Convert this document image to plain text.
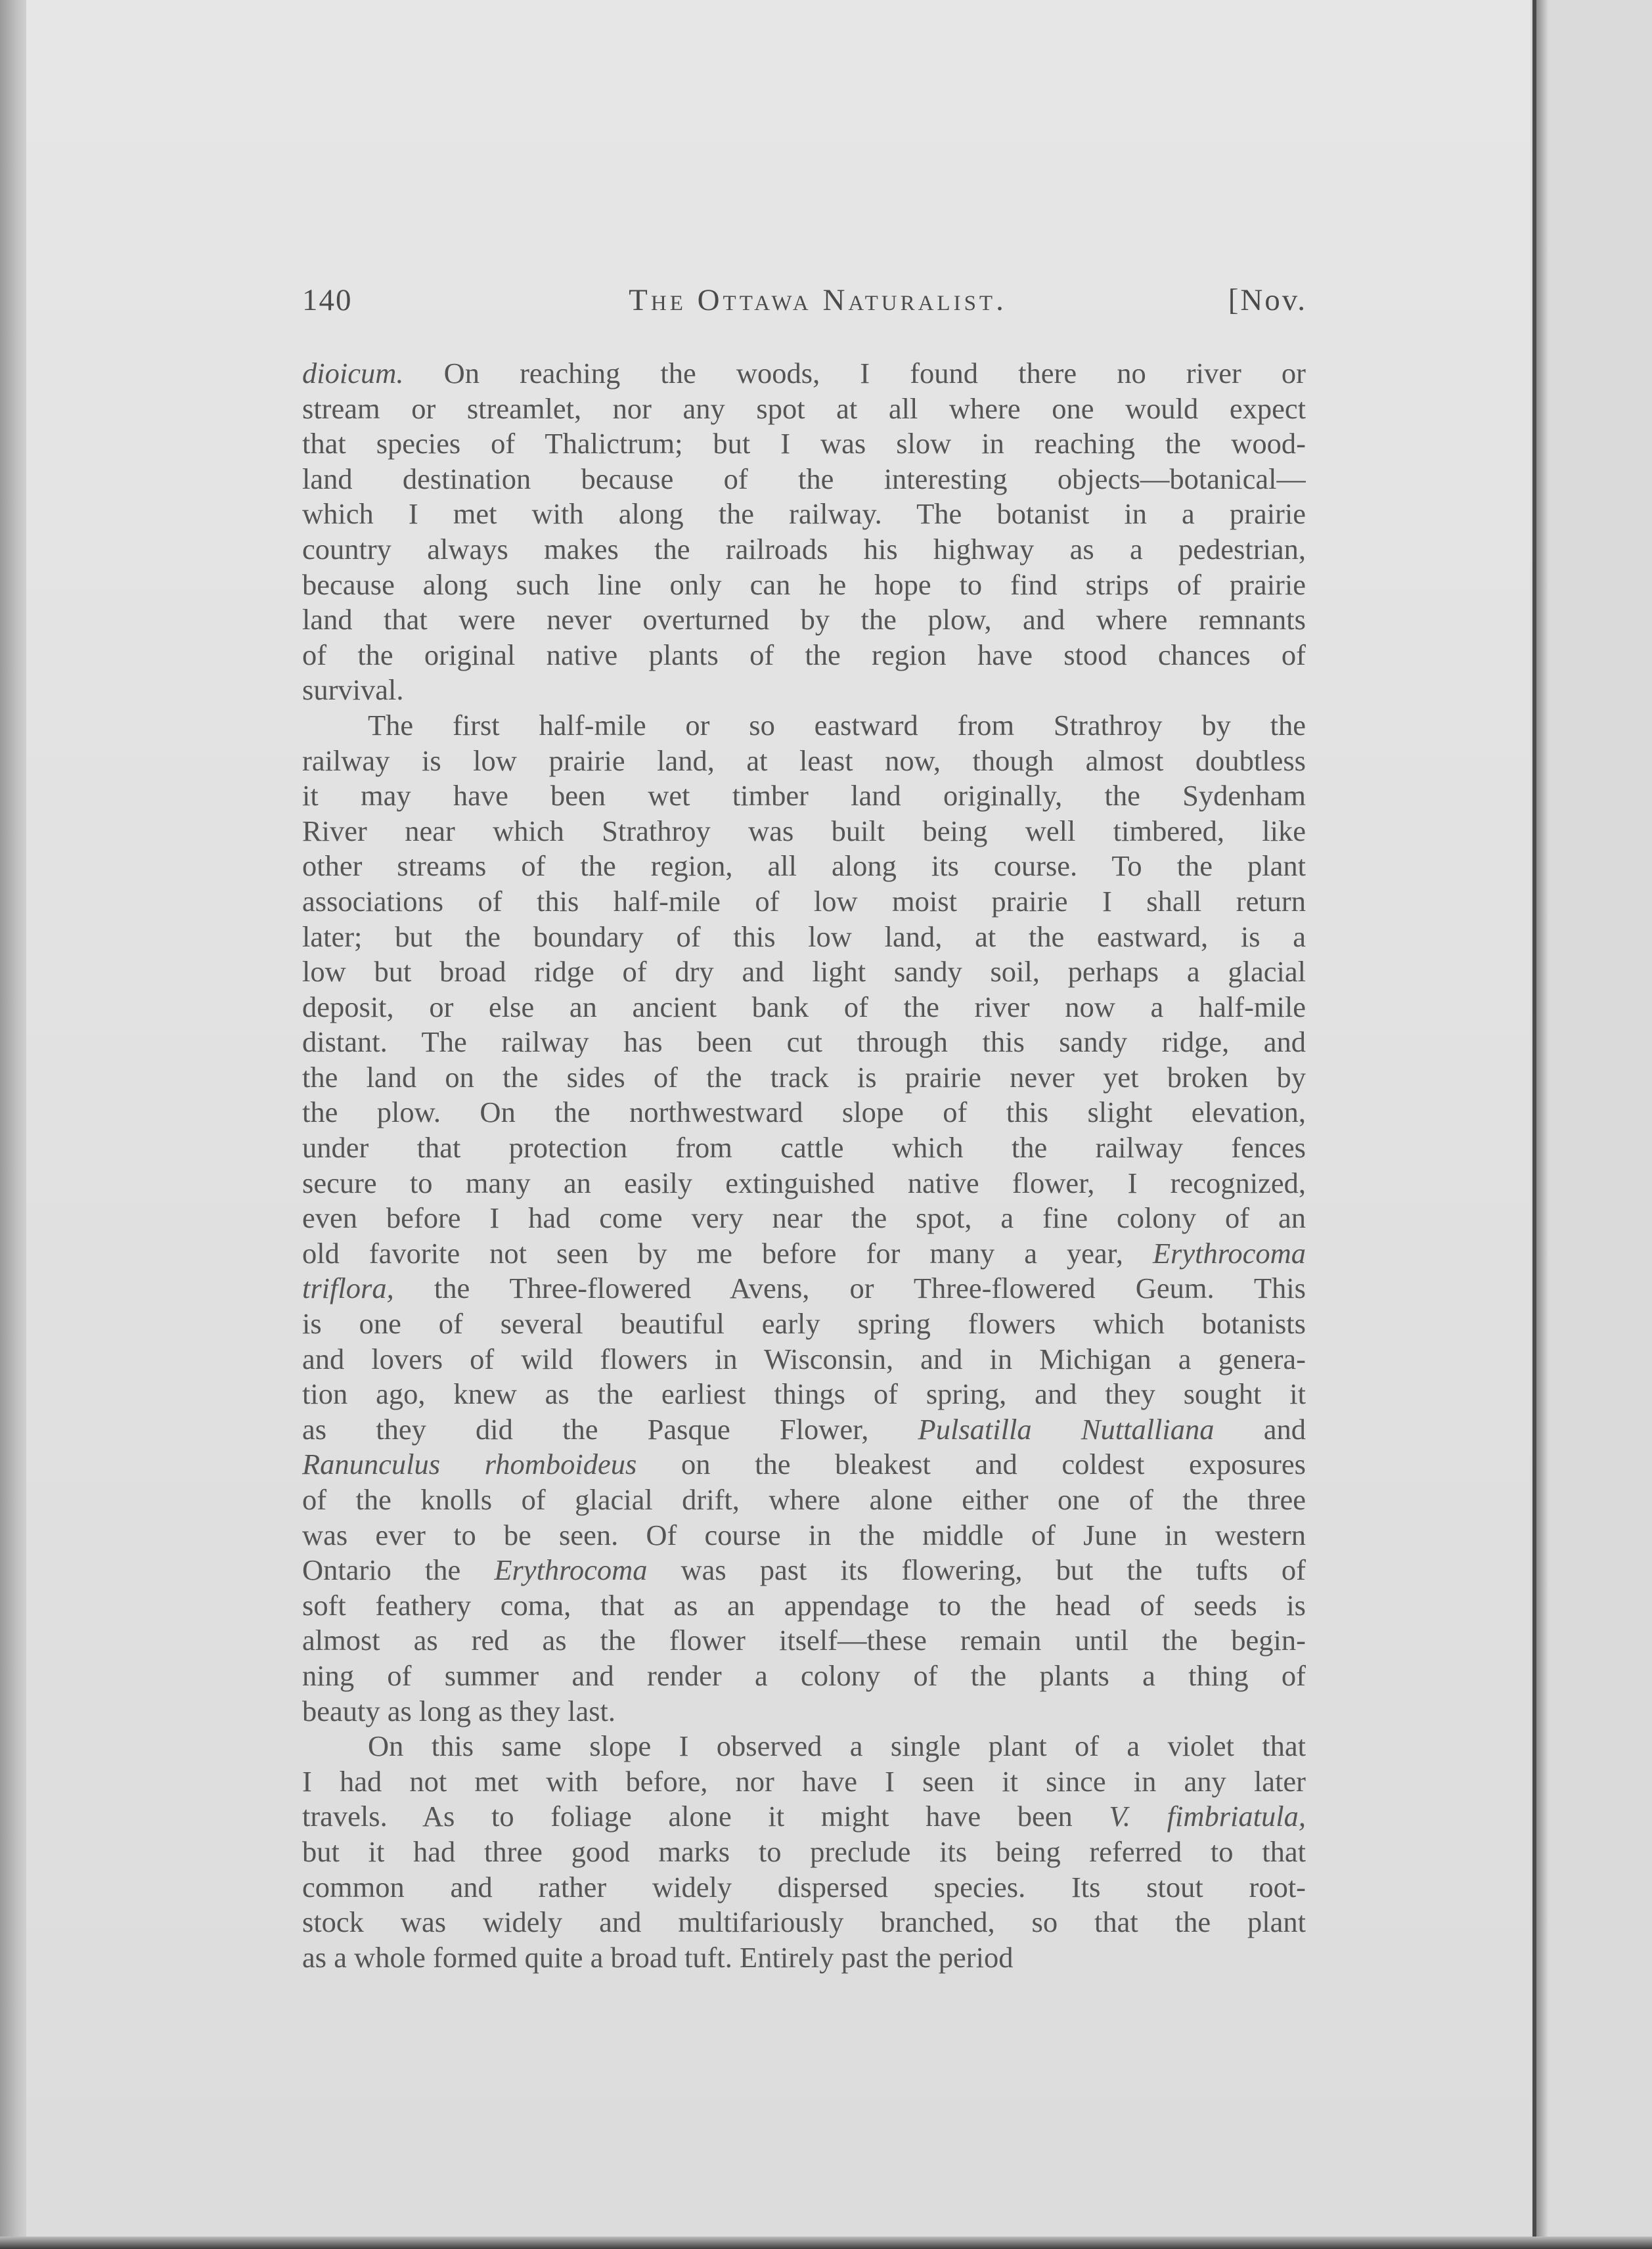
140	The Ottawa Naturalist.	[Nov.
dioicum. On reaching the woods, I found there no river or
stream or streamlet, nor any spot at all where one would expect
that species of Thalictrum; but I was slow in reaching the wood-
land destination because of the interesting objects—botanical—
which I met with along the railway. The botanist in a prairie
country always makes the railroads his highway as a pedestrian,
because along such line only can he hope to find strips of prairie
land that were never overturned by the plow, and where remnants
of the original native plants of the region have stood chances of
survival.
The first half-mile or so eastward from Strathroy by the
railway is low prairie land, at least now, though almost doubtless
it may have been wet timber land originally, the Sydenham
River near which Strathroy was built being well timbered, like
other streams of the region, all along its course. To the plant
associations of this half-mile of low moist prairie I shall return
later; but the boundary of this low land, at the eastward, is a
low but broad ridge of dry and light sandy soil, perhaps a glacial
deposit, or else an ancient bank of the river now a half-mile
distant. The railway has been cut through this sandy ridge, and
the land on the sides of the track is prairie never yet broken by
the plow. On the northwestward slope of this slight elevation,
under that protection from cattle which the railway fences
secure to many an easily extinguished native flower, I recognized,
even before I had come very near the spot, a fine colony of an
old favorite not seen by me before for many a year, Erythrocoma
triflora, the Three-flowered Avens, or Three-flowered Geum. This
is one of several beautiful early spring flowers which botanists
and lovers of wild flowers in Wisconsin, and in Michigan a genera-
tion ago, knew as the earliest things of spring, and they sought it
as they did the Pasque Flower, Pulsatilla Nuttalliana and
Ranunculus rhomboideus on the bleakest and coldest exposures
of the knolls of glacial drift, where alone either one of the three
was ever to be seen. Of course in the middle of June in western
Ontario the Erythrocoma was past its flowering, but the tufts of
soft feathery coma, that as an appendage to the head of seeds is
almost as red as the flower itself—these remain until the begin-
ning of summer and render a colony of the plants a thing of
beauty as long as they last.
On this same slope I observed a single plant of a violet that
I had not met with before, nor have I seen it since in any later
travels. As to foliage alone it might have been V. fimbriatula,
but it had three good marks to preclude its being referred to that
common and rather widely dispersed species. Its stout root-
stock was widely and multifariously branched, so that the plant
as a whole formed quite a broad tuft. Entirely past the period
